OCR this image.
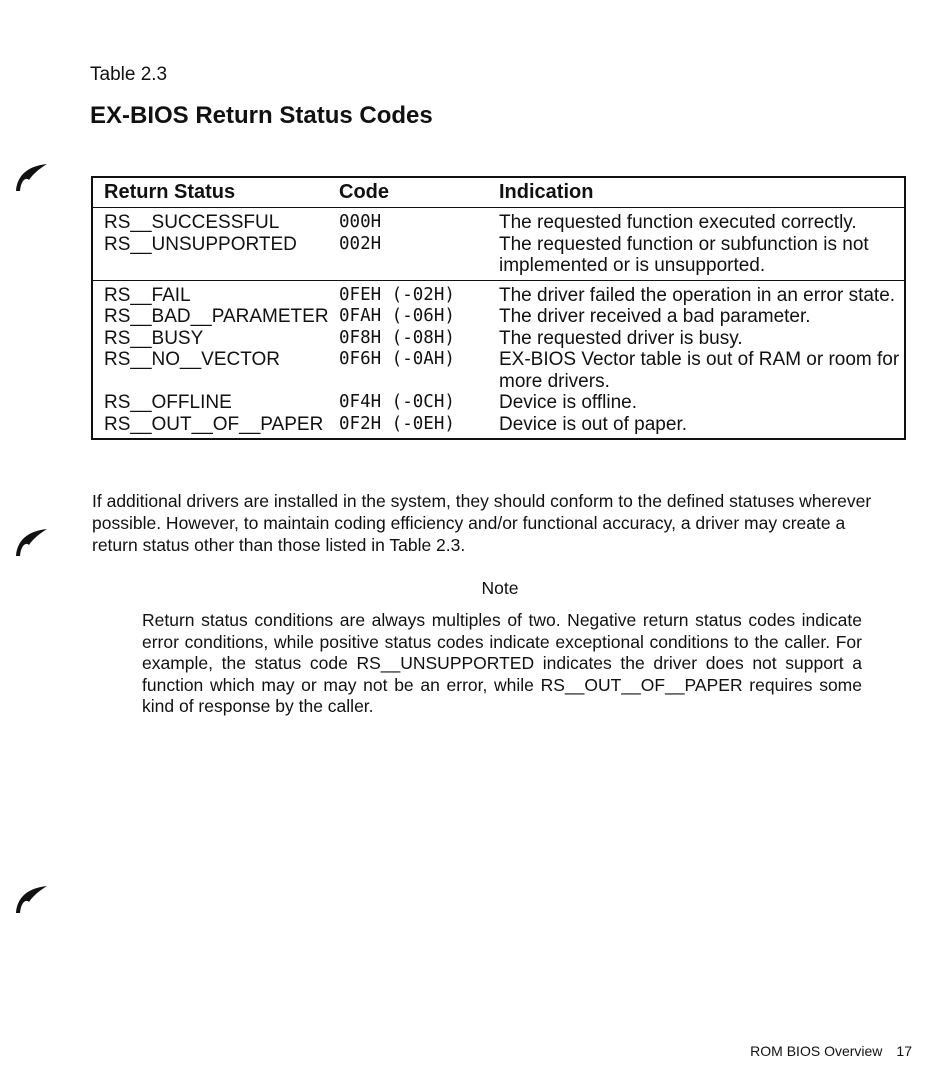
Table 2.3
EX-BIOS Return Status Codes
Return Status	Code	Indication
RS__SUCCESSFUL	000H	The requested function executed correctly.
RS__UNSUPPORTED	002H	The requested function or subfunction is not implemented or is unsupported.
RS__FAIL	0FEH (-02H)	The driver failed the operation in an error state.
RS__BAD__PARAMETER 0FAH (-06H)	The driver received a bad parameter.
RS__BUSY	0F8H (-08H)	The requested driver is busy.
RS__NO__VECTOR	0F6H (-0AH)	EX-BIOS Vector table is out of RAM or room for more drivers.
RS__OFFLINE	0F4H (-0CH)	Device is offline.
RS__OUT__OF__PAPER 0F2H (-0EH)	Device is out of paper.

If additional drivers are installed in the system, they should conform to the defined statuses wherever possible. However, to maintain coding efficiency and/or functional accuracy, a driver may create a return status other than those listed in Table 2.3.

Note

Return status conditions are always multiples of two. Negative return status codes indicate error conditions, while positive status codes indicate exceptional conditions to the caller. For example, the status code RS__UNSUPPORTED indicates the driver does not support a function which may or may not be an error, while RS__OUT__OF__PAPER requires some kind of response by the caller.

ROM BIOS Overview 17
